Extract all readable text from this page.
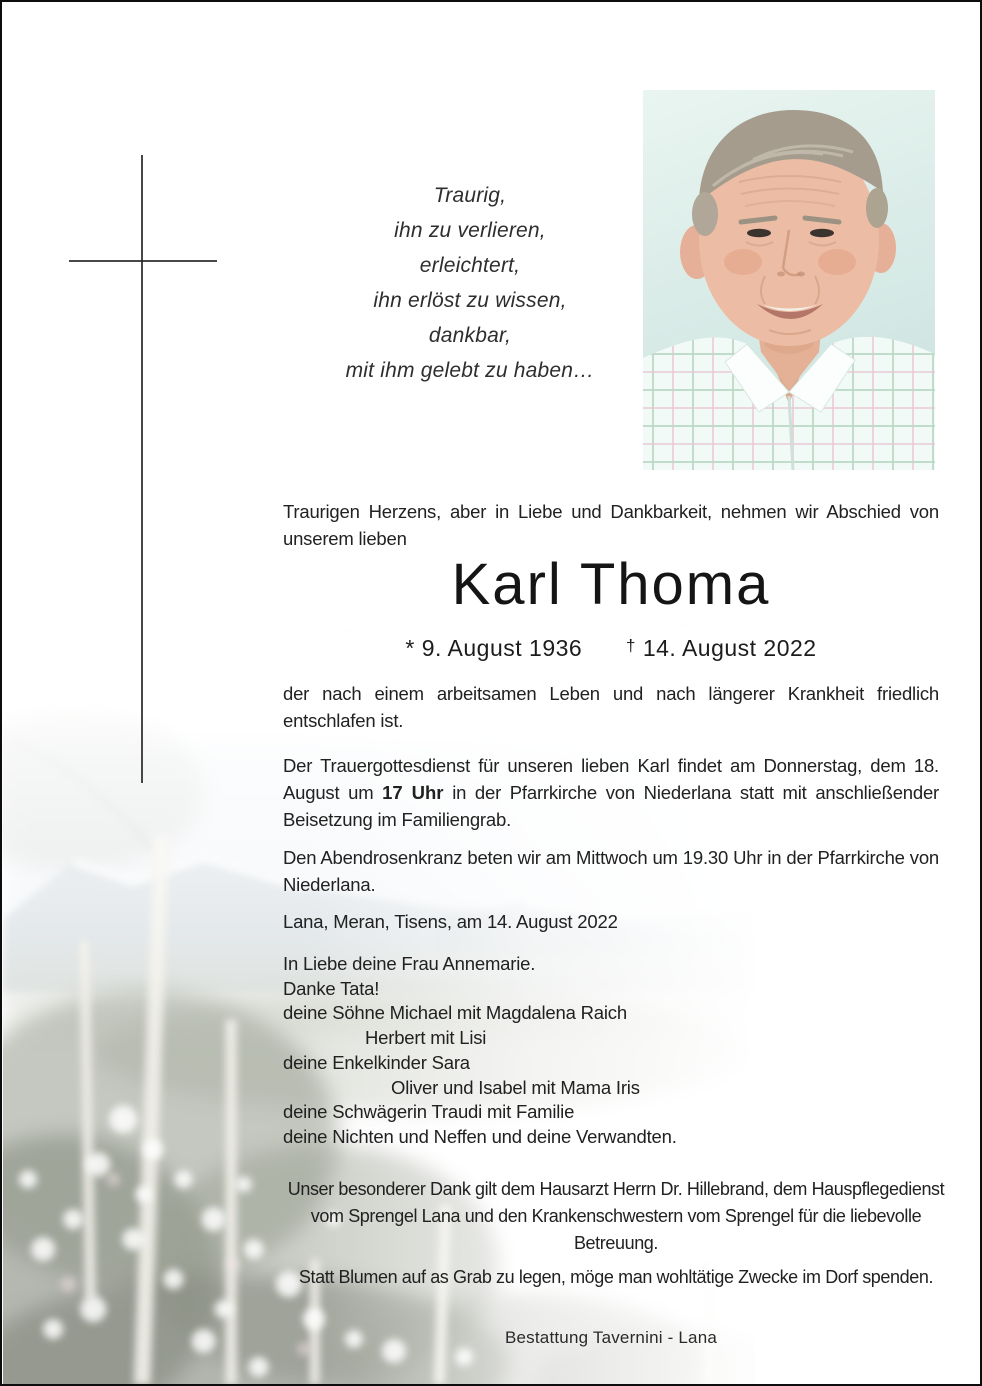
Traurig,
ihn zu verlieren,
erleichtert,
ihn erlöst zu wissen,
dankbar,
mit ihm gelebt zu haben…
Traurigen Herzens, aber in Liebe und Dankbarkeit, nehmen wir Abschied von unserem lieben
Karl Thoma
* 9. August 1936	† 14. August 2022
der nach einem arbeitsamen Leben und nach längerer Krankheit friedlich entschlafen ist.
Der Trauergottesdienst für unseren lieben Karl findet am Donnerstag, dem 18. August um 17 Uhr in der Pfarrkirche von Niederlana statt mit anschließender Beisetzung im Familiengrab.
Den Abendrosenkranz beten wir am Mittwoch um 19.30 Uhr in der Pfarrkirche von Niederlana.
Lana, Meran, Tisens, am 14. August 2022
In Liebe deine Frau Annemarie.
Danke Tata!
deine Söhne Michael mit Magdalena Raich
Herbert mit Lisi
deine Enkelkinder Sara
Oliver und Isabel mit Mama Iris
deine Schwägerin Traudi mit Familie
deine Nichten und Neffen und deine Verwandten.
Unser besonderer Dank gilt dem Hausarzt Herrn Dr. Hillebrand, dem Hauspflegedienst vom Sprengel Lana und den Krankenschwestern vom Sprengel für die liebevolle Betreuung.
Statt Blumen auf as Grab zu legen, möge man wohltätige Zwecke im Dorf spenden.
Bestattung Tavernini - Lana
